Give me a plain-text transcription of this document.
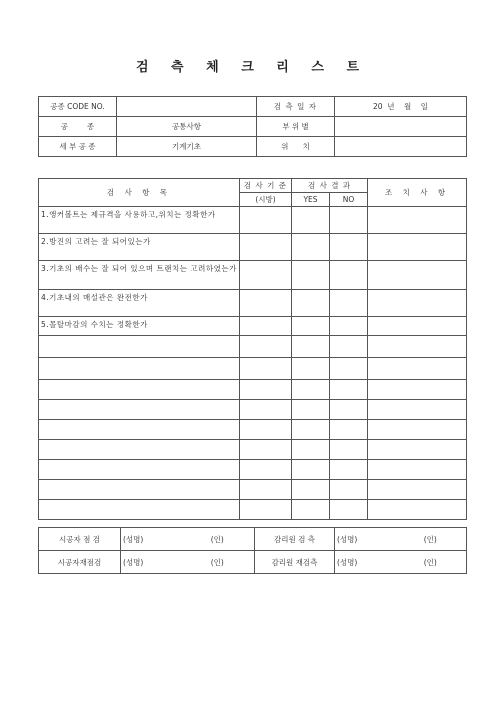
검 측 체 크 리 스 트
공종 CODE NO.		검 측 일 자	20  년    월    일
공        종	공통사항	부 위 별	
세 부 공 종	기계기초	위      치	
검 사 항 목	검 사 기 준	검 사 결 과		조 치 사 항
	(시방)	YES	NO	
1.앵커볼트는 제규격을 사용하고,위치는 정확한가				
2.방진의 고려는 잘 되어있는가				
3.기초의 배수는 잘 되어 있으며 트랜치는 고려하였는가				
4.기초내의 매설관은 완전한가				
5.몰탈마감의 수치는 정확한가				

시공자 점 검	(성명)	(인)	감리원 검 측	(성명)	(인)
시공자재점검	(성명)	(인)	감리원 재검측	(성명)	(인)
